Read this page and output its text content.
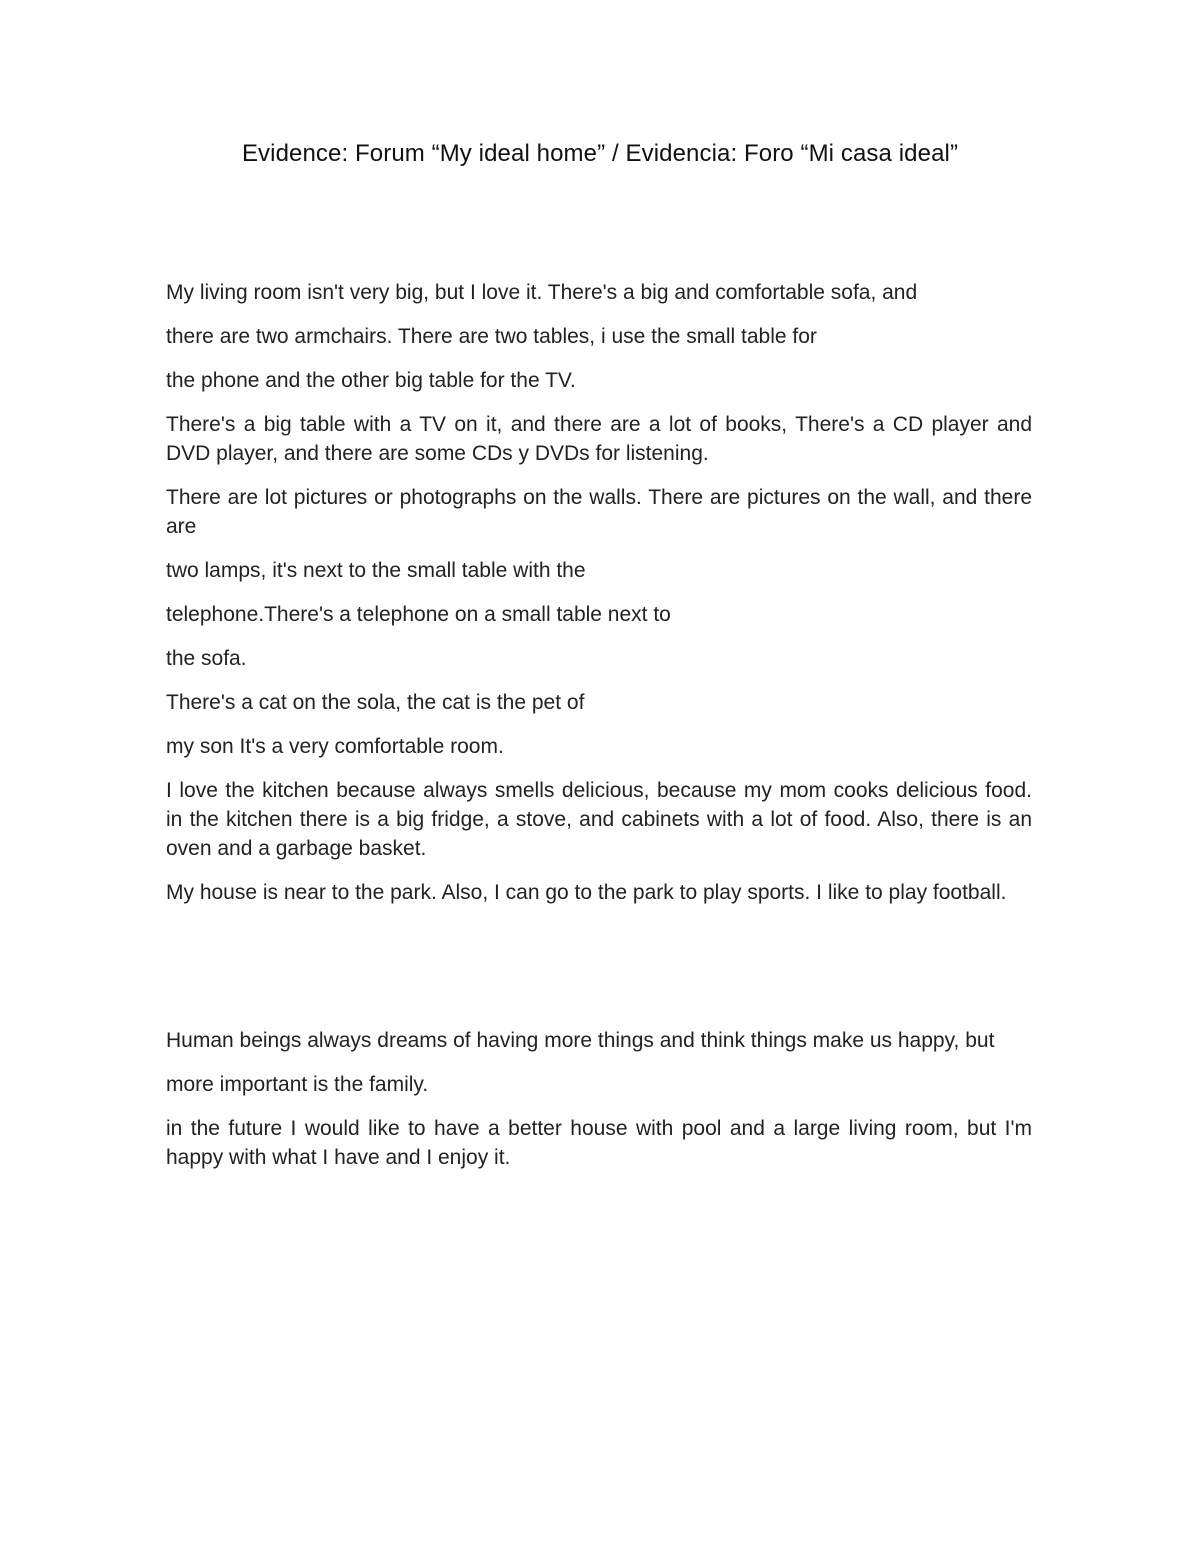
Evidence: Forum “My ideal home” / Evidencia: Foro “Mi casa ideal”

My living room isn't very big, but I love it. There's a big and comfortable sofa, and

there are two armchairs. There are two tables, i use the small table for

the phone and the other big table for the TV.

There's a big table with a TV on it, and there are a lot of books, There's a CD player and DVD player, and there are some CDs y DVDs for listening.

There are lot pictures or photographs on the walls. There are pictures on the wall, and there are

two lamps, it's next to the small table with the

telephone.There's a telephone on a small table next to

the sofa.

There's a cat on the sola, the cat is the pet of

my son It's a very comfortable room.

I love the kitchen because always smells delicious, because my mom cooks delicious food. in the kitchen there is a big fridge, a stove, and cabinets with a lot of food. Also, there is an oven and a garbage basket.

My house is near to the park. Also, I can go to the park to play sports. I like to play football.

Human beings always dreams of having more things and think things make us happy, but

more important is the family.

in the future I would like to have a better house with pool and a large living room, but I'm happy with what I have and I enjoy it.
